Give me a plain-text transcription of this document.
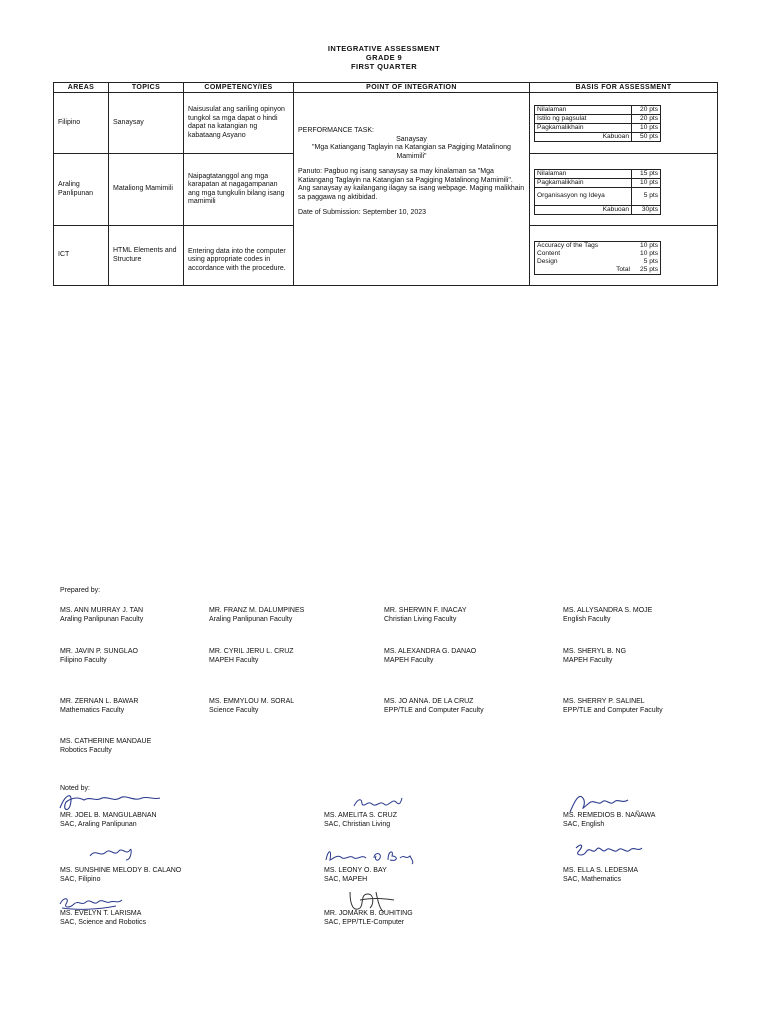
INTEGRATIVE ASSESSMENT
GRADE 9
FIRST QUARTER
AREAS	TOPICS	COMPETENCY/IES	POINT OF INTEGRATION	BASIS FOR ASSESSMENT
Filipino	Sanaysay	Naisusulat ang sariling opinyon tungkol sa mga dapat o hindi dapat na katangian ng kabataang Asyano	
PERFORMANCE TASK:
Sanaysay
"Mga Katiangang Taglayin na Katangian sa Pagiging Matalinong Mamimili"
Panuto: Pagbuo ng isang sanaysay sa may kinalaman sa "Mga Katiangang Taglayin na Katangian sa Pagiging Matalinong Mamimili". Ang sanaysay ay kailangang ilagay sa isang webpage. Maging malikhain sa paggawa ng aktibidad.
Date of Submission: September 10, 2023

Nilalaman	20 pts
Istilo ng pagsulat	20 pts
Pagkamalikhain	10 pts
Kabuoan	50 pts

Araling Panlipunan	Mataliong Mamimili	Naipagtatanggol ang mga karapatan at nagagampanan ang mga tungkulin bilang isang mamimili	
Nilalaman	15 pts
Pagkamalikhain	10 pts
Organisasyon ng Ideya	5 pts
Kabuoan	30pts

ICT	HTML Elements and Structure	Entering data into the computer using appropriate codes in accordance with the procedure.	
Accuracy of the Tags	10 pts
Content	10 pts
Design	5 pts
Total	25 pts
Prepared by:
MS. ANN MURRAY J. TAN
Araling Panlipunan Faculty
MR. FRANZ M. DALUMPINES
Araling Panlipunan Faculty
MR. SHERWIN F. INACAY
Christian Living Faculty
MS. ALLYSANDRA S. MOJE
English Faculty
MR. JAVIN P. SUNGLAO
Filipino Faculty
MR. CYRIL JERU L. CRUZ
MAPEH Faculty
MS. ALEXANDRA G. DANAO
MAPEH Faculty
MS. SHERYL B. NG
MAPEH Faculty
MR. ZERNAN L. BAWAR
Mathematics Faculty
MS. EMMYLOU M. SORAL
Science Faculty
MS. JO ANNA. DE LA CRUZ
EPP/TLE and Computer Faculty
MS. SHERRY P. SALINEL
EPP/TLE and Computer Faculty
MS. CATHERINE MANDAUE
Robotics Faculty
Noted by:
MR. JOEL B. MANGULABNAN
SAC, Araling Panlipunan
MS. AMELITA S. CRUZ
SAC, Christian Living
MS. REMEDIOS B. NAÑAWA
SAC, English
MS. SUNSHINE MELODY B. CALANO
SAC, Filipino
MS. LEONY O. BAY
SAC, MAPEH
MS. ELLA S. LEDESMA
SAC, Mathematics
MS. EVELYN T. LARISMA
SAC, Science and Robotics
MR. JOMARK B. GUHITING
SAC, EPP/TLE-Computer
